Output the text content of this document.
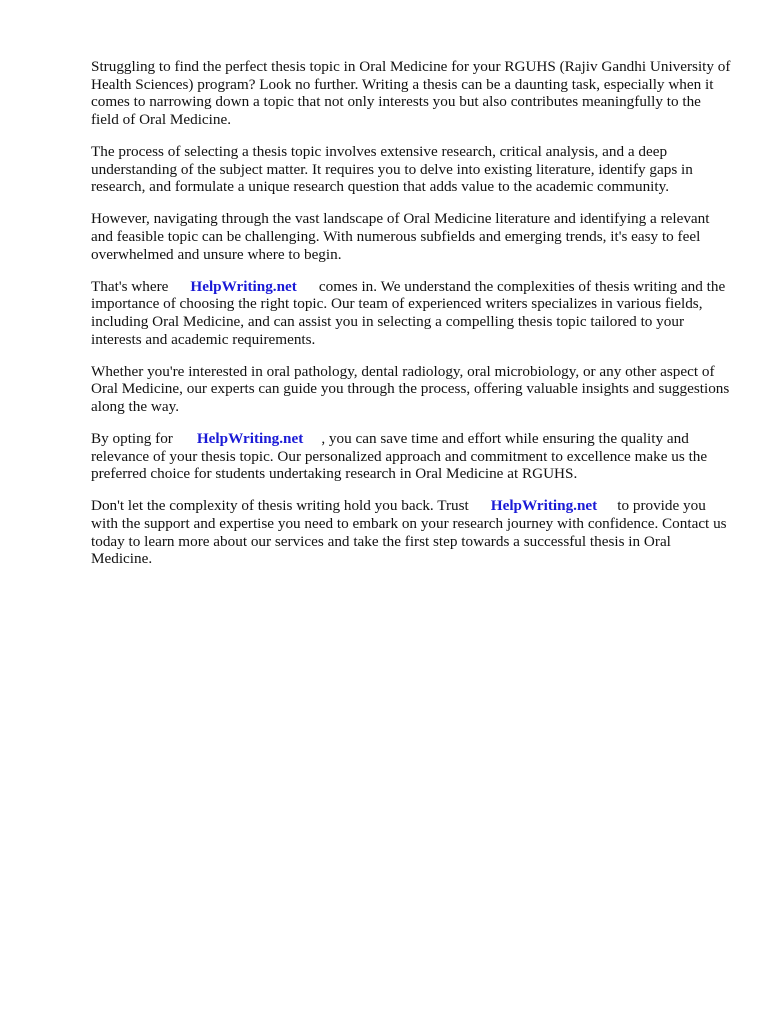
Struggling to find the perfect thesis topic in Oral Medicine for your RGUHS (Rajiv Gandhi University of Health Sciences) program? Look no further. Writing a thesis can be a daunting task, especially when it comes to narrowing down a topic that not only interests you but also contributes meaningfully to the field of Oral Medicine.

The process of selecting a thesis topic involves extensive research, critical analysis, and a deep understanding of the subject matter. It requires you to delve into existing literature, identify gaps in research, and formulate a unique research question that adds value to the academic community.

However, navigating through the vast landscape of Oral Medicine literature and identifying a relevant and feasible topic can be challenging. With numerous subfields and emerging trends, it's easy to feel overwhelmed and unsure where to begin.

That's where HelpWriting.net comes in. We understand the complexities of thesis writing and the importance of choosing the right topic. Our team of experienced writers specializes in various fields, including Oral Medicine, and can assist you in selecting a compelling thesis topic tailored to your interests and academic requirements.

Whether you're interested in oral pathology, dental radiology, oral microbiology, or any other aspect of Oral Medicine, our experts can guide you through the process, offering valuable insights and suggestions along the way.

By opting for HelpWriting.net , you can save time and effort while ensuring the quality and relevance of your thesis topic. Our personalized approach and commitment to excellence make us the preferred choice for students undertaking research in Oral Medicine at RGUHS.

Don't let the complexity of thesis writing hold you back. Trust HelpWriting.net to provide you with the support and expertise you need to embark on your research journey with confidence. Contact us today to learn more about our services and take the first step towards a successful thesis in Oral Medicine.
